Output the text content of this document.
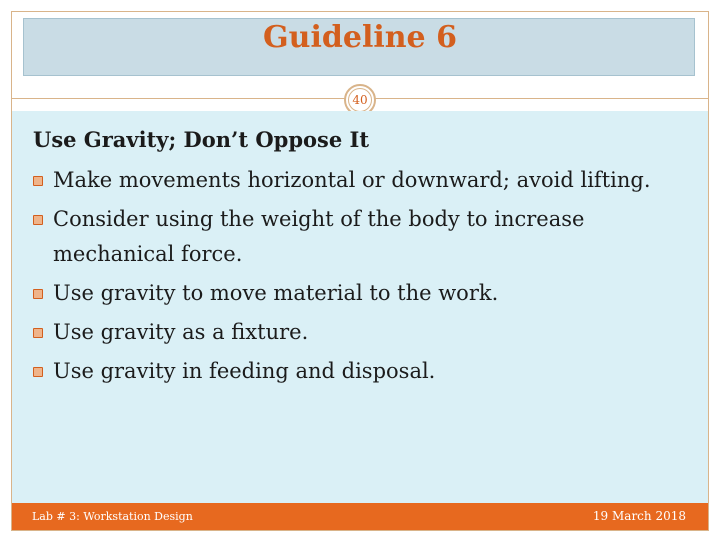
Guideline 6
40
Use Gravity; Don’t Oppose It
Make movements horizontal or downward; avoid lifting.
Consider using the weight of the body to increase mechanical force.
Use gravity to move material to the work.
Use gravity as a fixture.
Use gravity in feeding and disposal.
Lab # 3: Workstation Design	19 March 2018
